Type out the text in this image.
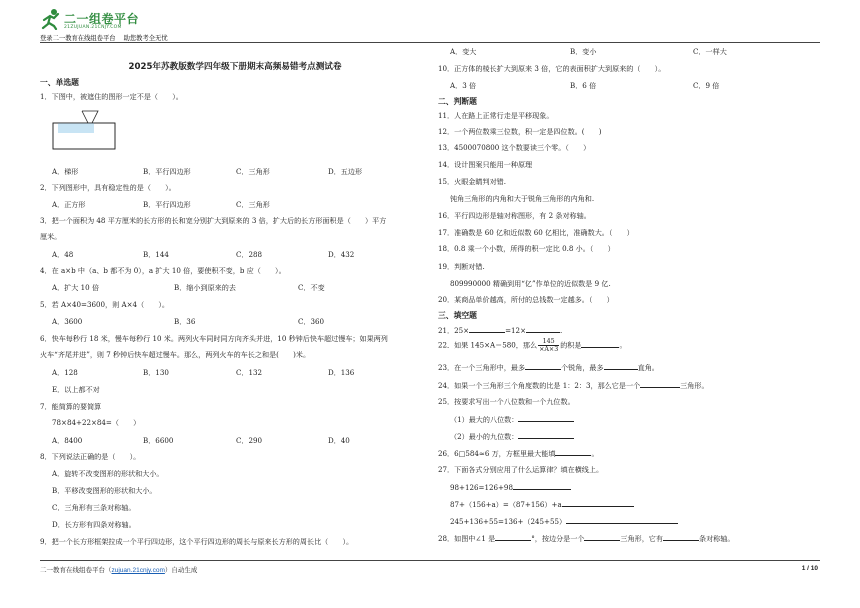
二一组卷平台
21ZUJUAN.21CNJY.COM
登录二一教育在线组卷平台 助您教考全无忧
2025年苏教版数学四年级下册期末高频易错考点测试卷
一、单选题
1．下图中，被遮住的图形一定不是（　　）。
A．梯形	B．平行四边形	C．三角形	D．五边形
2．下列图形中，具有稳定性的是（　　）。
A．正方形	B．平行四边形	C．三角形
3．把一个面积为 48 平方厘米的长方形的长和宽分别扩大到原来的 3 倍，扩大后的长方形面积是（　　）平方
厘米。
A．48	B．144	C．288	D．432
4．在 a×b 中（a、b 都不为 0），a 扩大 10 倍，要使积不变，b 应（　　）。
A．扩大 10 倍	B．缩小到原来的去	C．不变
5．若 A×40=3600，则 A×4（　　）。
A．3600	B．36	C．360
6．快车每秒行 18 米，慢车每秒行 10 米。两列火车同时同方向齐头并进，10 秒钟后快车超过慢车；如果两列
火车“齐尾并进”，则 7 秒钟后快车超过慢车。那么，两列火车的车长之和是(　　)米。
A．128	B．130	C．132	D．136
E．以上都不对
7．能简算的要简算
78×84+22×84=（　　）
A．8400	B．6600	C．290	D．40
8．下列说法正确的是（　　）。
A．旋转不改变图形的形状和大小。
B．平移改变图形的形状和大小。
C．三角形有三条对称轴。
D．长方形有四条对称轴。
9．把一个长方形框架拉成一个平行四边形，这个平行四边形的周长与原来长方形的周长比（　　）。
A．变大	B．变小	C．一样大
10．正方体的棱长扩大到原来 3 倍，它的表面积扩大到原来的（　　）。
A．3 倍	B．6 倍	C．9 倍
二、判断题
11．人在路上正常行走是平移现象。
12．一个两位数乘三位数，积一定是四位数。(　　)
13．4500070800 这个数要读三个零。（　　）
14．设计图案只能用一种原理
15．火眼金睛判对错.
钝角三角形的内角和大于锐角三角形的内角和.
16．平行四边形是轴对称图形，有 2 条对称轴。
17．准确数是 60 亿和近似数 60 亿相比，准确数大。（　　）
18．0.8 乘一个小数，所得的积一定比 0.8 小。（　　）
19．判断对错.
809990000 精确到用“亿”作单位的近似数是 9 亿.
20．某商品单价越高，所付的总钱数一定越多。（　　）
三、填空题
21．25×	=12×	.
22．如果 145×A＝580，那么 $\frac{145}{\times A\times 3}$ 的积是	。
23．在一个三角形中，最多	个锐角，最多	直角。
24．如果一个三角形三个角度数的比是 1：2：3，那么它是一个	三角形。
25．按要求写出一个八位数和一个九位数。
（1）最大的八位数：
（2）最小的九位数：
26．6□584≈6 万，方框里最大能填	。
27．下面各式分别应用了什么运算律？填在横线上。
98+126=126+98
87+（156+a）=（87+156）+a
245+136+55=136+（245+55）
28．如图中∠1 是	°，按边分是一个	三角形，它有	条对称轴。
二一教育在线组卷平台（zujuan.21cnjy.com）自动生成	1 / 10
